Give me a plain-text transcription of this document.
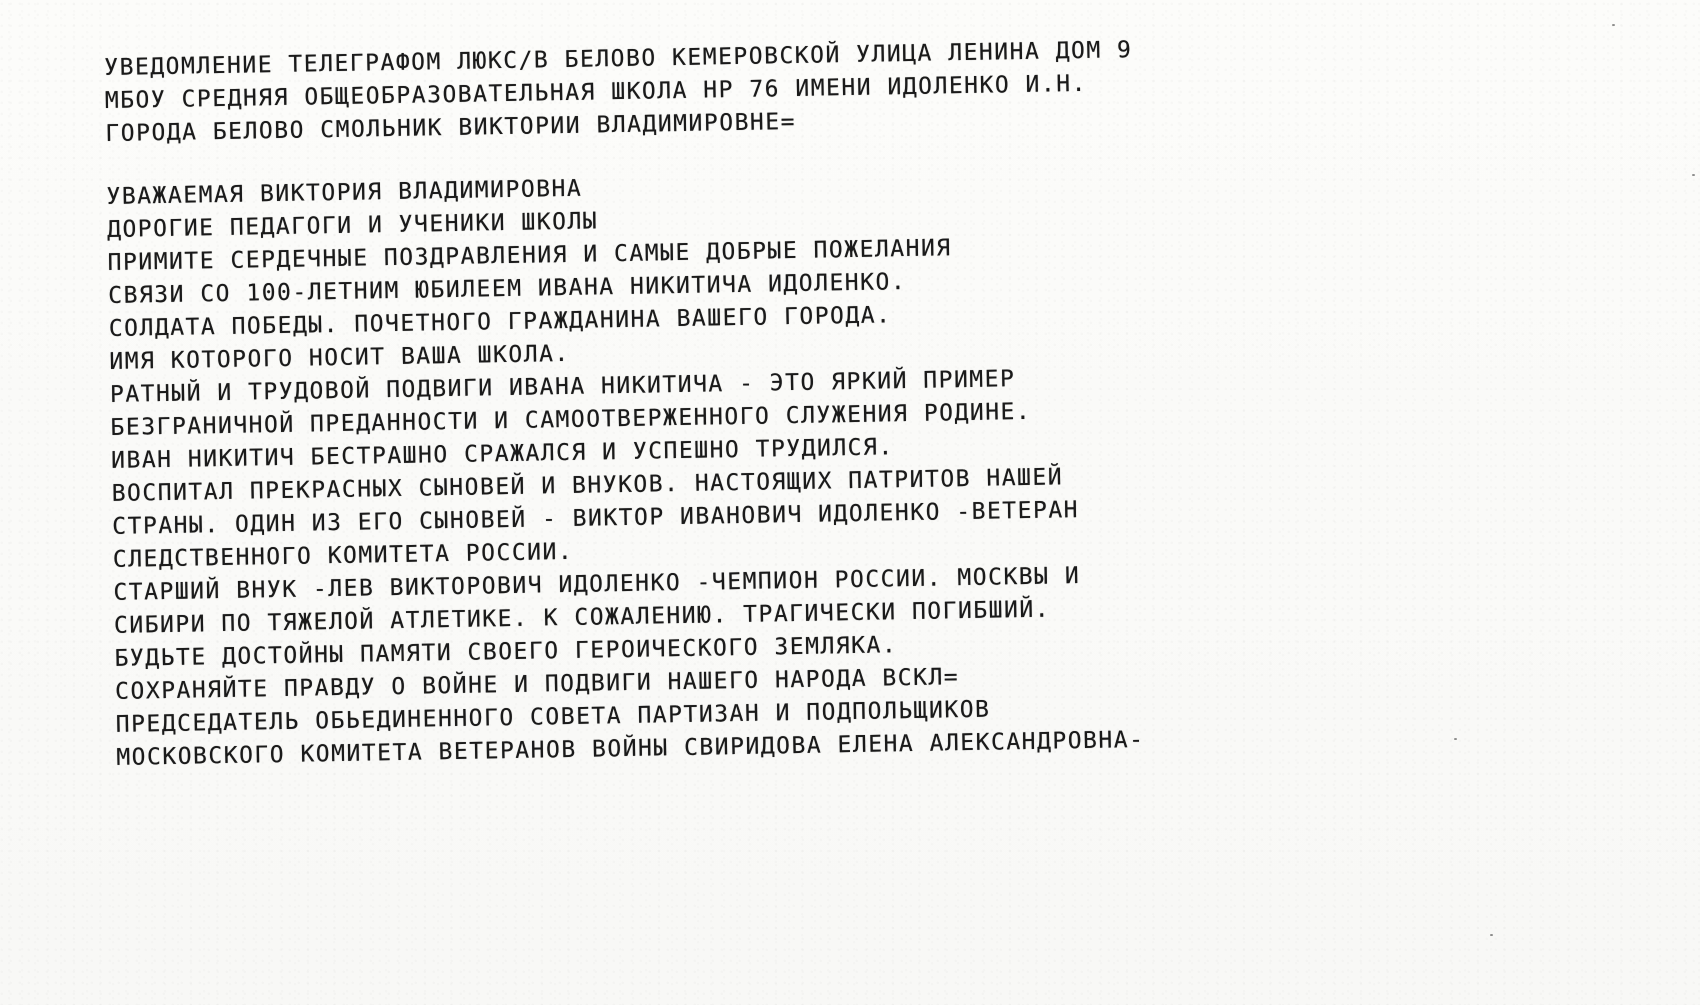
УВЕДОМЛЕНИЕ ТЕЛЕГРАФОМ ЛЮКС/В БЕЛОВО КЕМЕРОВСКОЙ УЛИЦА ЛЕНИНА ДОМ 9
МБОУ СРЕДНЯЯ ОБЩЕОБРАЗОВАТЕЛЬНАЯ ШКОЛА НР 76 ИМЕНИ ИДОЛЕНКО И.Н.
ГОРОДА БЕЛОВО СМОЛЬНИК ВИКТОРИИ ВЛАДИМИРОВНЕ=
УВАЖАЕМАЯ ВИКТОРИЯ ВЛАДИМИРОВНА
ДОРОГИЕ ПЕДАГОГИ И УЧЕНИКИ ШКОЛЫ
ПРИМИТЕ СЕРДЕЧНЫЕ ПОЗДРАВЛЕНИЯ И САМЫЕ ДОБРЫЕ ПОЖЕЛАНИЯ
СВЯЗИ СО 100-ЛЕТНИМ ЮБИЛЕЕМ ИВАНА НИКИТИЧА ИДОЛЕНКО.
СОЛДАТА ПОБЕДЫ. ПОЧЕТНОГО ГРАЖДАНИНА ВАШЕГО ГОРОДА.
ИМЯ КОТОРОГО НОСИТ ВАША ШКОЛА.
РАТНЫЙ И ТРУДОВОЙ ПОДВИГИ ИВАНА НИКИТИЧА - ЭТО ЯРКИЙ ПРИМЕР
БЕЗГРАНИЧНОЙ ПРЕДАННОСТИ И САМООТВЕРЖЕННОГО СЛУЖЕНИЯ РОДИНЕ.
ИВАН НИКИТИЧ БЕСТРАШНО СРАЖАЛСЯ И УСПЕШНО ТРУДИЛСЯ.
ВОСПИТАЛ ПРЕКРАСНЫХ СЫНОВЕЙ И ВНУКОВ. НАСТОЯЩИХ ПАТРИТОВ НАШЕЙ
СТРАНЫ. ОДИН ИЗ ЕГО СЫНОВЕЙ - ВИКТОР ИВАНОВИЧ ИДОЛЕНКО -ВЕТЕРАН
СЛЕДСТВЕННОГО КОМИТЕТА РОССИИ.
СТАРШИЙ ВНУК -ЛЕВ ВИКТОРОВИЧ ИДОЛЕНКО -ЧЕМПИОН РОССИИ. МОСКВЫ И
СИБИРИ ПО ТЯЖЕЛОЙ АТЛЕТИКЕ. К СОЖАЛЕНИЮ. ТРАГИЧЕСКИ ПОГИБШИЙ.
БУДЬТЕ ДОСТОЙНЫ ПАМЯТИ СВОЕГО ГЕРОИЧЕСКОГО ЗЕМЛЯКА.
СОХРАНЯЙТЕ ПРАВДУ О ВОЙНЕ И ПОДВИГИ НАШЕГО НАРОДА ВСКЛ=
ПРЕДСЕДАТЕЛЬ ОБЬЕДИНЕННОГО СОВЕТА ПАРТИЗАН И ПОДПОЛЬЩИКОВ
МОСКОВСКОГО КОМИТЕТА ВЕТЕРАНОВ ВОЙНЫ СВИРИДОВА ЕЛЕНА АЛЕКСАНДРОВНА-
